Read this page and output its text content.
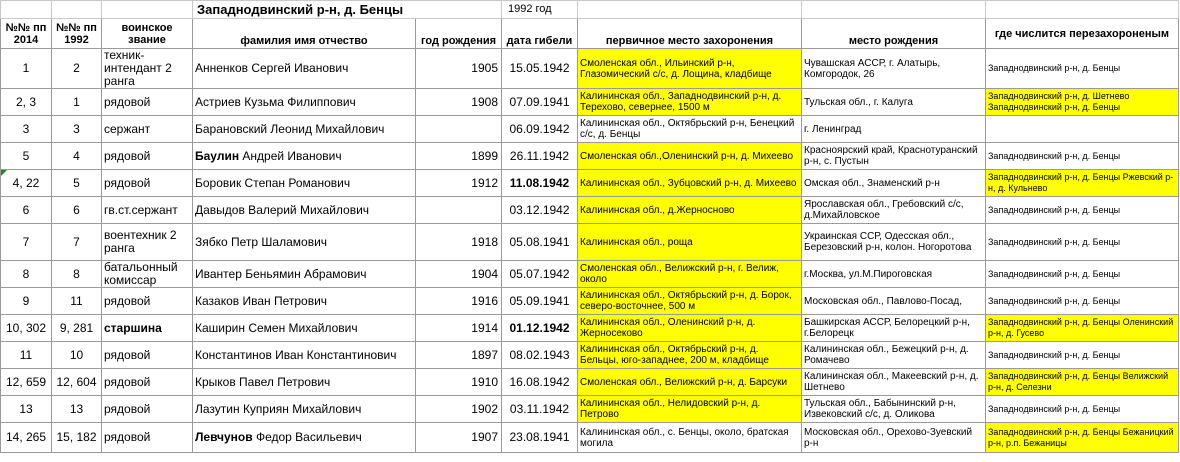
			Западнодвинский р-н, д. Бенцы		1992 год			
№№ пп 2014	№№ пп 1992	воинское звание	фамилия имя отчество	год рождения	дата гибели	первичное место захоронения	место рождения	где числится перезахороненым
1	2	техник-интендант 2 ранга	Анненков Сергей Иванович	1905	15.05.1942	Смоленская обл., Ильинский р-н, Глазомический с/с, д. Лощина, кладбище	Чувашская АССР, г. Алатырь, Комгородок, 26	Западнодвинский р-н, д. Бенцы
2, 3	1	рядовой	Астриев Кузьма Филиппович	1908	07.09.1941	Калининская обл., Западнодвинский р-н, д. Терехово, севернее, 1500 м	Тульская обл., г. Калуга	Западнодвинский р-н, д. Шетнево Западнодвинский р-н, д. Бенцы
3	3	сержант	Барановский Леонид Михайлович		06.09.1942	Калининская обл., Октябрьский р-н, Бенецкий с/с, д. Бенцы	г. Ленинград	
5	4	рядовой	Баулин Андрей Иванович	1899	26.11.1942	Смоленская обл.,Оленинский р-н, д. Михеево	Красноярский край, Краснотуранский р-н, с. Пустын	Западнодвинский р-н, д. Бенцы
4, 22	5	рядовой	Боровик Степан Романович	1912	11.08.1942	Калининская обл., Зубцовский р-н, д. Михеево	Омская обл., Знаменский р-н	Западнодвинский р-н, д. Бенцы Ржевский р-н, д. Кульнево
6	6	гв.ст.сержант	Давыдов Валерий Михайлович		03.12.1942	Калининская обл., д.Жерносново	Ярославская обл., Гребовский с/с, д.Михайловское	Западнодвинский р-н, д. Бенцы
7	7	воентехник 2 ранга	Зябко Петр Шаламович	1918	05.08.1941	Калининская обл., роща	Украинская ССР, Одесская обл., Березовский р-н, колон. Ногоротова	Западнодвинский р-н, д. Бенцы
8	8	батальонный комиссар	Ивантер Беньямин Абрамович	1904	05.07.1942	Смоленская обл., Велижский р-н, г. Велиж, около	г.Москва, ул.М.Пироговская	Западнодвинский р-н, д. Бенцы
9	11	рядовой	Казаков Иван Петрович	1916	05.09.1941	Калининская обл., Октябрьский р-н, д. Борок, северо-восточнее, 500 м	Московская обл., Павлово-Посад,	Западнодвинский р-н, д. Бенцы
10, 302	9, 281	старшина	Каширин Семен Михайлович	1914	01.12.1942	Калининская обл., Оленинский р-н, д. Жерносеково	Башкирская АССР, Белорецкий р-н, г.Белорецк	Западнодвинский р-н, д. Бенцы Оленинский р-н, д. Гусево
11	10	рядовой	Константинов Иван Константинович	1897	08.02.1943	Калининская обл., Октябрьский р-н, д. Бельцы, юго-западнее, 200 м, кладбище	Калининская обл., Бежецкий р-н, д. Ромачево	Западнодвинский р-н, д. Бенцы
12, 659	12, 604	рядовой	Крыков Павел Петрович	1910	16.08.1942	Смоленская обл., Велижский р-н, д. Барсуки	Калининская обл., Макеевский р-н, д. Шетнево	Западнодвинский р-н, д. Бенцы Велижский р-н, д. Селезни
13	13	рядовой	Лазутин Куприян Михайлович	1902	03.11.1942	Калининская обл., Нелидовский р-н, д. Петрово	Тульская обл., Бабынинский р-н, Извековский с/с, д. Оликова	Западнодвинский р-н, д. Бенцы
14, 265	15, 182	рядовой	Левчунов Федор Васильевич	1907	23.08.1941	Калининская обл., с. Бенцы, около, братская могила	Московская обл., Орехово-Зуевский р-н	Западнодвинский р-н, д. Бенцы Бежаницкий р-н, р.п. Бежаницы
